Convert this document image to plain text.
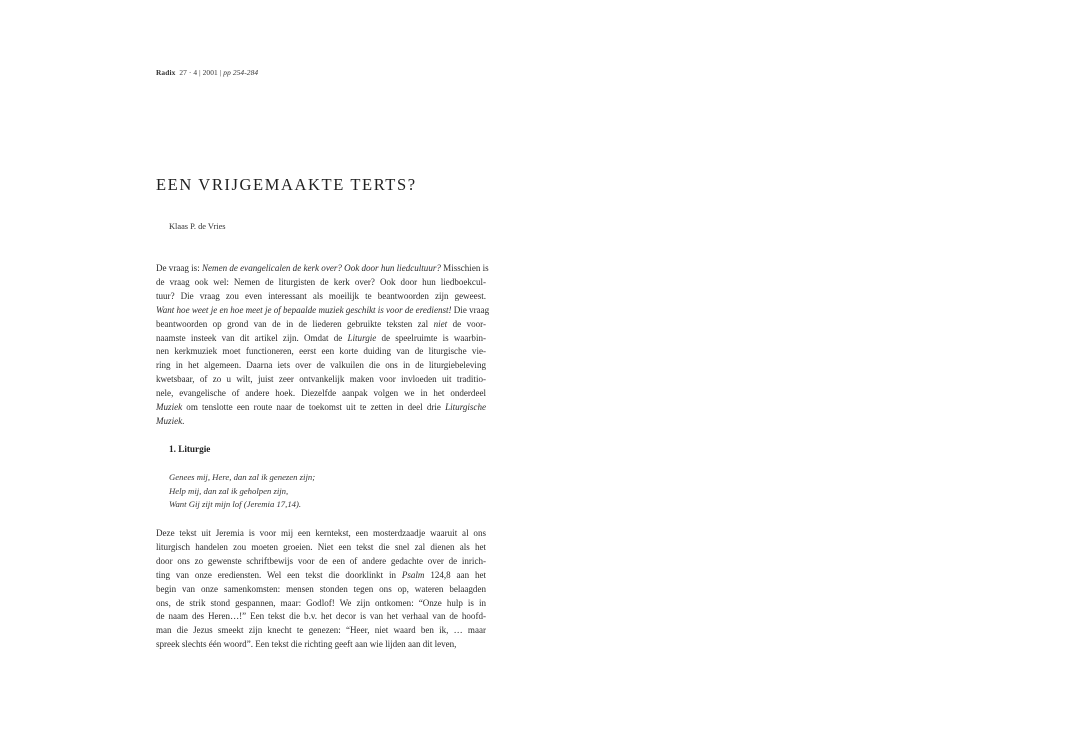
Radix 27 · 4 | 2001 | pp 254-284
EEN VRIJGEMAAKTE TERTS?
Klaas P. de Vries
De vraag is: Nemen de evangelicalen de kerk over? Ook door hun liedcultuur? Misschien is
de vraag ook wel: Nemen de liturgisten de kerk over? Ook door hun liedboekcul-
tuur? Die vraag zou even interessant als moeilijk te beantwoorden zijn geweest.
Want hoe weet je en hoe meet je of bepaalde muziek geschikt is voor de eredienst! Die vraag
beantwoorden op grond van de in de liederen gebruikte teksten zal niet de voor-
naamste insteek van dit artikel zijn. Omdat de Liturgie de speelruimte is waarbin-
nen kerkmuziek moet functioneren, eerst een korte duiding van de liturgische vie-
ring in het algemeen. Daarna iets over de valkuilen die ons in de liturgiebeleving
kwetsbaar, of zo u wilt, juist zeer ontvankelijk maken voor invloeden uit traditio-
nele, evangelische of andere hoek. Diezelfde aanpak volgen we in het onderdeel
Muziek om tenslotte een route naar de toekomst uit te zetten in deel drie Liturgische
Muziek.
1. Liturgie
Genees mij, Here, dan zal ik genezen zijn;
Help mij, dan zal ik geholpen zijn,
Want Gij zijt mijn lof (Jeremia 17,14).
Deze tekst uit Jeremia is voor mij een kerntekst, een mosterdzaadje waaruit al ons
liturgisch handelen zou moeten groeien. Niet een tekst die snel zal dienen als het
door ons zo gewenste schriftbewijs voor de een of andere gedachte over de inrich-
ting van onze erediensten. Wel een tekst die doorklinkt in Psalm 124,8 aan het
begin van onze samenkomsten: mensen stonden tegen ons op, wateren belaagden
ons, de strik stond gespannen, maar: Godlof! We zijn ontkomen: “Onze hulp is in
de naam des Heren…!” Een tekst die b.v. het decor is van het verhaal van de hoofd-
man die Jezus smeekt zijn knecht te genezen: “Heer, niet waard ben ik, … maar
spreek slechts één woord”. Een tekst die richting geeft aan wie lijden aan dit leven,
